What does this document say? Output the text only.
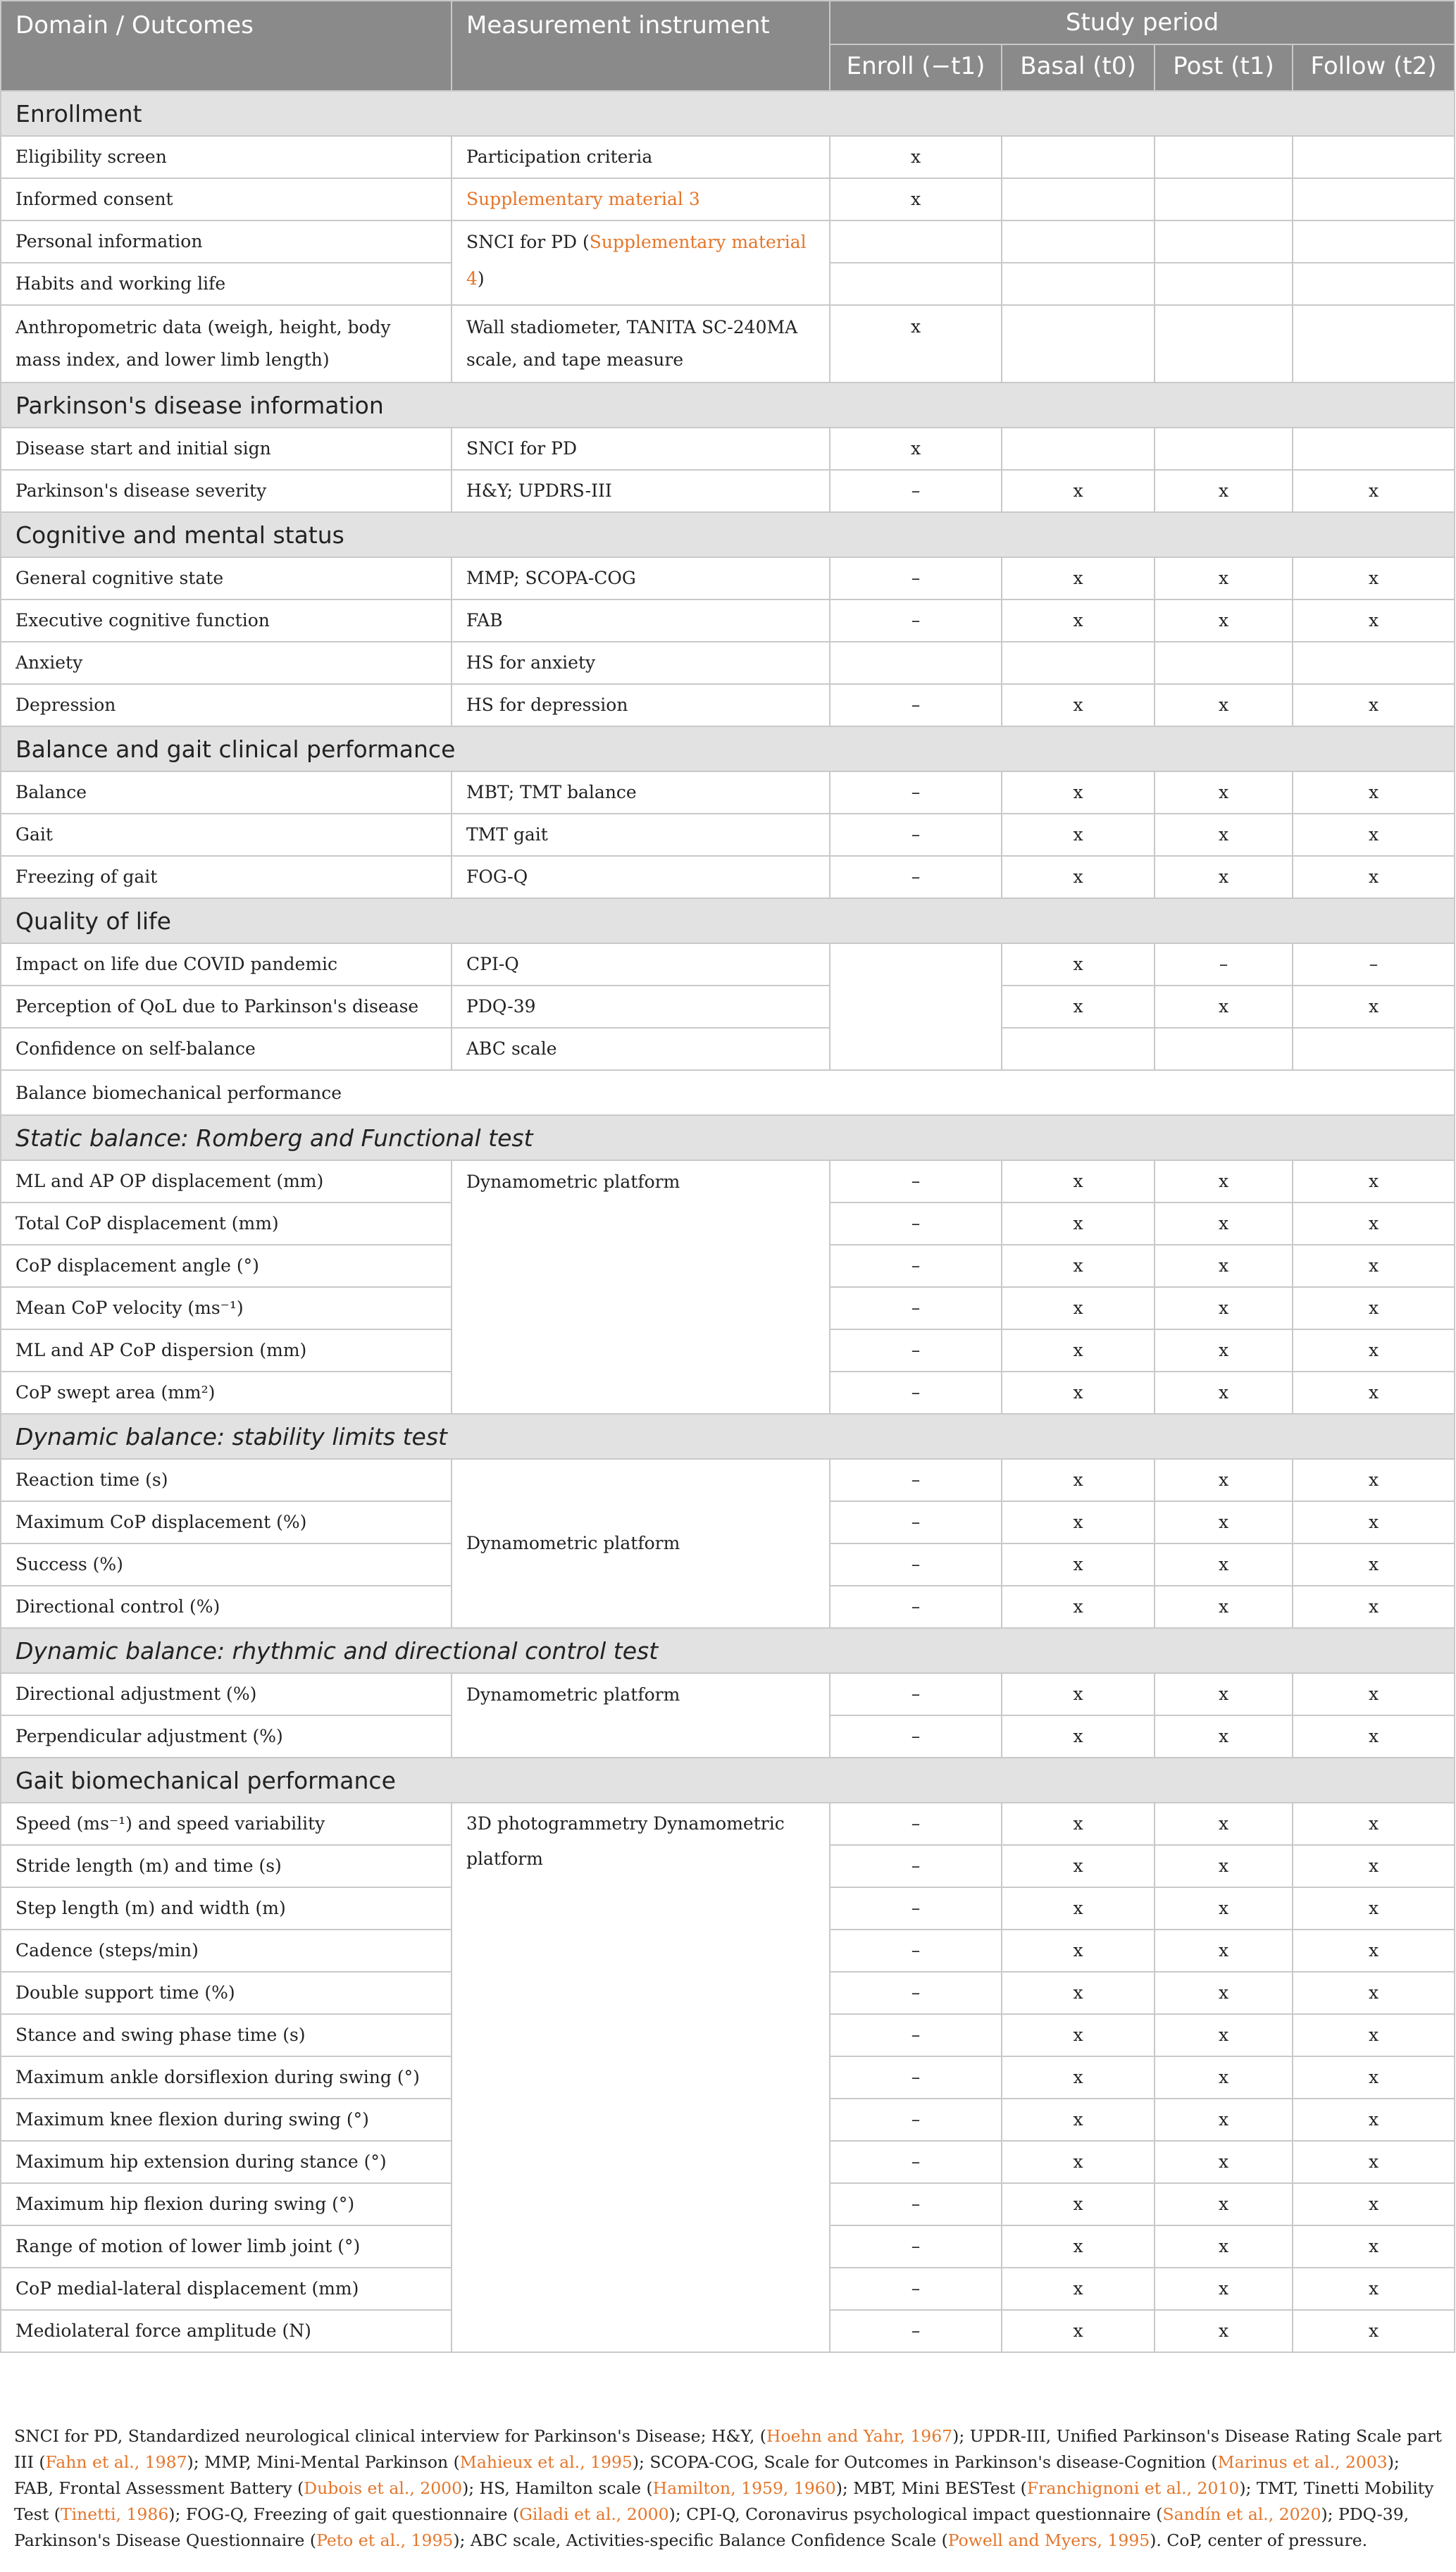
Domain / Outcomes	Measurement instrument	Study period			
		Enroll (−t1)	Basal (t0)	Post (t1)	Follow (t2)
Enrollment					
Eligibility screen	Participation criteria	x			
Informed consent	Supplementary material 3	x			
Personal information	SNCI for PD (Supplementary material 4)				
Habits and working life					
Anthropometric data (weigh, height, body mass index, and lower limb length)	Wall stadiometer, TANITA SC-240MA scale, and tape measure	x			
Parkinson's disease information					
Disease start and initial sign	SNCI for PD	x			
Parkinson's disease severity	H&Y; UPDRS-III	–	x	x	x
Cognitive and mental status					
General cognitive state	MMP; SCOPA-COG	–	x	x	x
Executive cognitive function	FAB	–	x	x	x
Anxiety	HS for anxiety				
Depression	HS for depression	–	x	x	x
Balance and gait clinical performance					
Balance	MBT; TMT balance	–	x	x	x
Gait	TMT gait	–	x	x	x
Freezing of gait	FOG-Q	–	x	x	x
Quality of life					
Impact on life due COVID pandemic	CPI-Q		x	–	–
Perception of QoL due to Parkinson's disease	PDQ-39		x	x	x
Confidence on self-balance	ABC scale				
Balance biomechanical performance					
Static balance: Romberg and Functional test					
ML and AP OP displacement (mm)	Dynamometric platform	–	x	x	x
Total CoP displacement (mm)		–	x	x	x
CoP displacement angle (°)		–	x	x	x
Mean CoP velocity (ms⁻¹)		–	x	x	x
ML and AP CoP dispersion (mm)		–	x	x	x
CoP swept area (mm²)		–	x	x	x
Dynamic balance: stability limits test					
Reaction time (s)	Dynamometric platform	–	x	x	x
Maximum CoP displacement (%)		–	x	x	x
Success (%)		–	x	x	x
Directional control (%)		–	x	x	x
Dynamic balance: rhythmic and directional control test					
Directional adjustment (%)	Dynamometric platform	–	x	x	x
Perpendicular adjustment (%)		–	x	x	x
Gait biomechanical performance					
Speed (ms⁻¹) and speed variability	3D photogrammetry Dynamometric platform	–	x	x	x
Stride length (m) and time (s)		–	x	x	x
Step length (m) and width (m)		–	x	x	x
Cadence (steps/min)		–	x	x	x
Double support time (%)		–	x	x	x
Stance and swing phase time (s)		–	x	x	x
Maximum ankle dorsiflexion during swing (°)		–	x	x	x
Maximum knee flexion during swing (°)		–	x	x	x
Maximum hip extension during stance (°)		–	x	x	x
Maximum hip flexion during swing (°)		–	x	x	x
Range of motion of lower limb joint (°)		–	x	x	x
CoP medial-lateral displacement (mm)		–	x	x	x
Mediolateral force amplitude (N)		–	x	x	x
SNCI for PD, Standardized neurological clinical interview for Parkinson's Disease; H&Y, (Hoehn and Yahr, 1967); UPDR-III, Unified Parkinson's Disease Rating Scale part III (Fahn et al., 1987); MMP, Mini-Mental Parkinson (Mahieux et al., 1995); SCOPA-COG, Scale for Outcomes in Parkinson's disease-Cognition (Marinus et al., 2003); FAB, Frontal Assessment Battery (Dubois et al., 2000); HS, Hamilton scale (Hamilton, 1959, 1960); MBT, Mini BESTest (Franchignoni et al., 2010); TMT, Tinetti Mobility Test (Tinetti, 1986); FOG-Q, Freezing of gait questionnaire (Giladi et al., 2000); CPI-Q, Coronavirus psychological impact questionnaire (Sandín et al., 2020); PDQ-39, Parkinson's Disease Questionnaire (Peto et al., 1995); ABC scale, Activities-specific Balance Confidence Scale (Powell and Myers, 1995). CoP, center of pressure.
